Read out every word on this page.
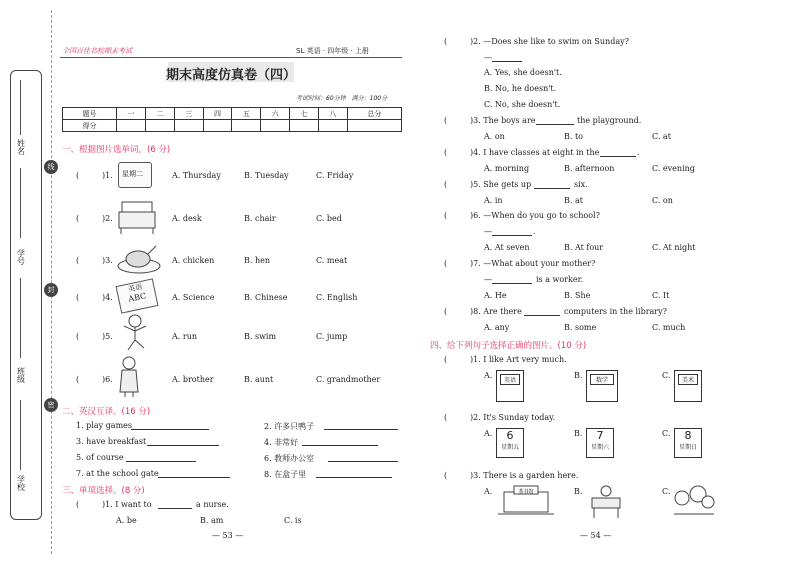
姓名
学号
班级
学校
线
封
密
全国百佳名校期末考试	SL 英语 · 四年级 · 上册
期末高度仿真卷（四）
考试时间：60分钟　满分：100分
题号	一	二	三	四	五	六	七	八	总分
得分									
一、根据图片选单词。(6 分)
(	)1. 星期二	A. Thursday	B. Tuesday	C. Friday
(	)2.	A. desk	B. chair	C. bed
(	)3.	A. chicken	B. hen	C. meat
(	)4.
英语
ABC	A. Science	B. Chinese	C. English
(	)5.	A. run	B. swim	C. jump
(	)6.	A. brother	B. aunt	C. grandmother
二、英汉互译。(16 分)
1. play games	2. 许多只鸭子
3. have breakfast	4. 非常好
5. of course	6. 教师办公室
7. at the school gate	8. 在盒子里
三、单项选择。(8 分)
(	)1. I want to	a nurse.
A. be	B. am	C. is
— 53 —
(	)2. —Does she like to swim on Sunday?
—
A. Yes, she doesn't.
B. No, he doesn't.
C. No, she doesn't.
(	)3. The boys are	the playground.
A. on	B. to	C. at
(	)4. I have classes at eight in the	.
A. morning	B. afternoon	C. evening
(	)5. She gets up	six.
A. in	B. at	C. on
(	)6. —When do you go to school?
—	.
A. At seven	B. At four	C. At night
(	)7. —What about your mother?
—	is a worker.
A. He	B. She	C. It
(	)8. Are there	computers in the library?
A. any	B. some	C. much
四、给下列句子选择正确的图片。(10 分)
(	)1. I like Art very much.
A.
英语
B.
数学
C.
美术
(	)2. It's Sunday today.
A.	6
星期五
B.	7
星期六
C.	8
星期日
(	)3. There is a garden here.
A.	茶书馆	B.	C.
— 54 —
